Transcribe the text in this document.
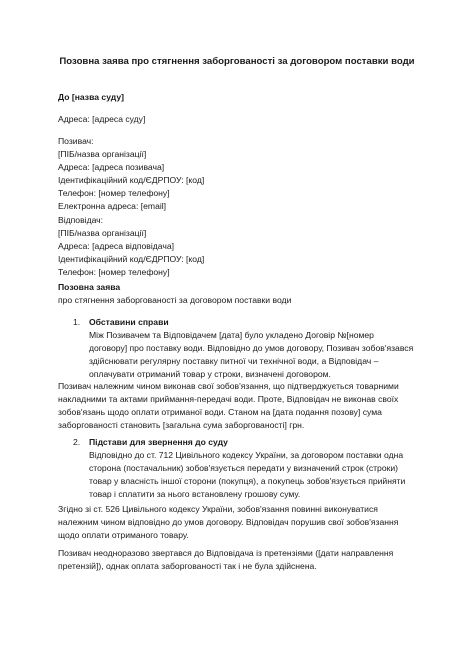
Позовна заява про стягнення заборгованості за договором поставки води
До [назва суду]
Адреса: [адреса суду]
Позивач:
[ПІБ/назва організації]
Адреса: [адреса позивача]
Ідентифікаційний код/ЄДРПОУ: [код]
Телефон: [номер телефону]
Електронна адреса: [email]
Відповідач:
[ПІБ/назва організації]
Адреса: [адреса відповідача]
Ідентифікаційний код/ЄДРПОУ: [код]
Телефон: [номер телефону]
Позовна заява
про стягнення заборгованості за договором поставки води
1. Обставини справи
Між Позивачем та Відповідачем [дата] було укладено Договір №[номер
договору] про поставку води. Відповідно до умов договору, Позивач зобов'язався
здійснювати регулярну поставку питної чи технічної води, а Відповідач –
оплачувати отриманий товар у строки, визначені договором.
Позивач належним чином виконав свої зобов'язання, що підтверджується товарними
накладними та актами приймання-передачі води. Проте, Відповідач не виконав своїх
зобов'язань щодо оплати отриманої води. Станом на [дата подання позову] сума
заборгованості становить [загальна сума заборгованості] грн.
2. Підстави для звернення до суду
Відповідно до ст. 712 Цивільного кодексу України, за договором поставки одна
сторона (постачальник) зобов'язується передати у визначений строк (строки)
товар у власність іншої сторони (покупця), а покупець зобов'язується прийняти
товар і сплатити за нього встановлену грошову суму.
Згідно зі ст. 526 Цивільного кодексу України, зобов'язання повинні виконуватися
належним чином відповідно до умов договору. Відповідач порушив свої зобов'язання
щодо оплати отриманого товару.
Позивач неодноразово звертався до Відповідача із претензіями ([дати направлення
претензій]), однак оплата заборгованості так і не була здійснена.
